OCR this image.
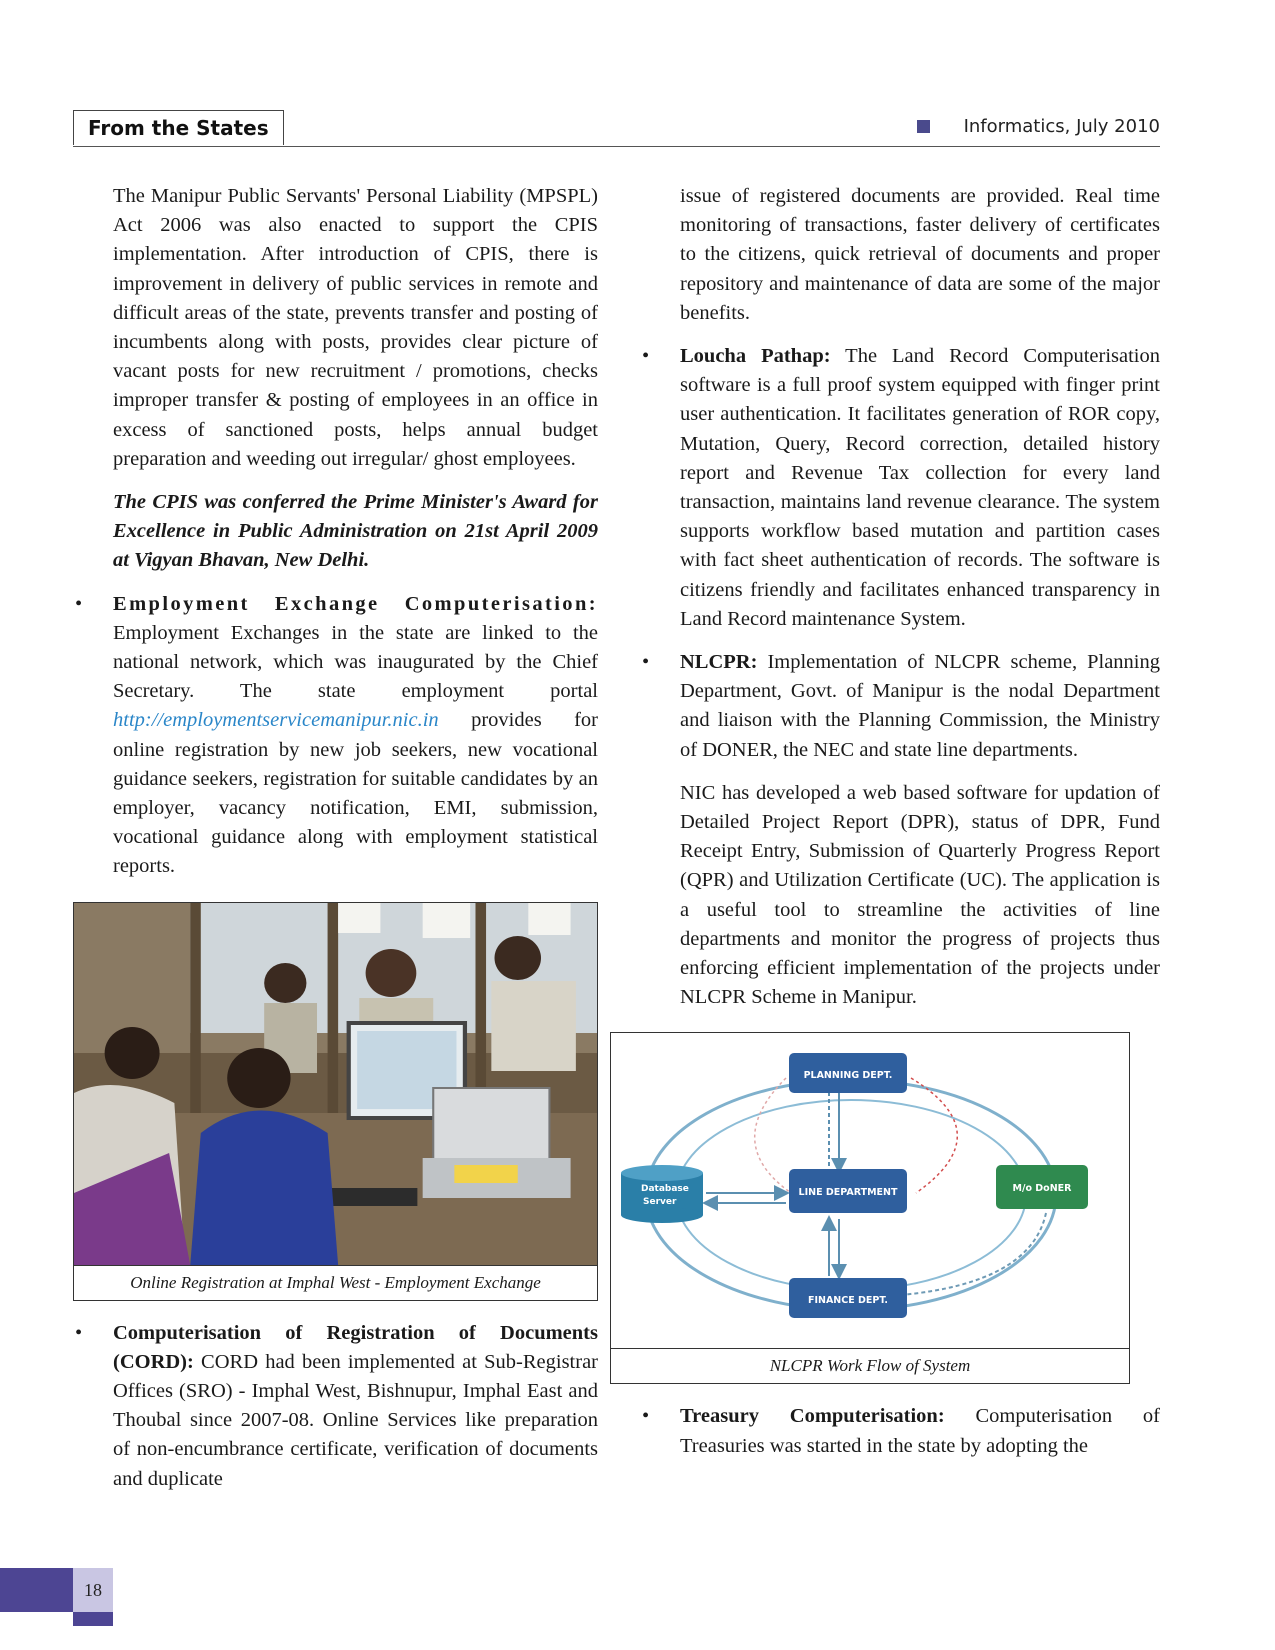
From the States	Informatics, July 2010

The Manipur Public Servants' Personal Liability (MPSPL) Act 2006 was also enacted to support the CPIS implementation. After introduction of CPIS, there is improvement in delivery of public services in remote and difficult areas of the state, prevents transfer and posting of incumbents along with posts, provides clear picture of vacant posts for new recruitment / promotions, checks improper transfer & posting of employees in an office in excess of sanctioned posts, helps annual budget preparation and weeding out irregular/ ghost employees.

The CPIS was conferred the Prime Minister's Award for Excellence in Public Administration on 21st April 2009 at Vigyan Bhavan, New Delhi.

• Employment Exchange Computerisation: Employment Exchanges in the state are linked to the national network, which was inaugurated by the Chief Secretary. The state employment portal http://employmentservicemanipur.nic.in provides for online registration by new job seekers, new vocational guidance seekers, registration for suitable candidates by an employer, vacancy notification, EMI, submission, vocational guidance along with employment statistical reports.
Online Registration at Imphal West - Employment Exchange
• Computerisation of Registration of Documents (CORD): CORD had been implemented at Sub-Registrar Offices (SRO) - Imphal West, Bishnupur, Imphal East and Thoubal since 2007-08. Online Services like preparation of non-encumbrance certificate, verification of documents and duplicate

issue of registered documents are provided. Real time monitoring of transactions, faster delivery of certificates to the citizens, quick retrieval of documents and proper repository and maintenance of data are some of the major benefits.

• Loucha Pathap: The Land Record Computerisation software is a full proof system equipped with finger print user authentication. It facilitates generation of ROR copy, Mutation, Query, Record correction, detailed history report and Revenue Tax collection for every land transaction, maintains land revenue clearance. The system supports workflow based mutation and partition cases with fact sheet authentication of records. The software is citizens friendly and facilitates enhanced transparency in Land Record maintenance System.
• NLCPR: Implementation of NLCPR scheme, Planning Department, Govt. of Manipur is the nodal Department and liaison with the Planning Commission, the Ministry of DONER, the NEC and state line departments.

NIC has developed a web based software for updation of Detailed Project Report (DPR), status of DPR, Fund Receipt Entry, Submission of Quarterly Progress Report (QPR) and Utilization Certificate (UC). The application is a useful tool to streamline the activities of line departments and monitor the progress of projects thus enforcing efficient implementation of the projects under NLCPR Scheme in Manipur.

PLANNING DEPT.
LINE DEPARTMENT
FINANCE DEPT.
M/o DoNER
Database
Server
NLCPR Work Flow of System
• Treasury Computerisation: Computerisation of Treasuries was started in the state by adopting the
18
